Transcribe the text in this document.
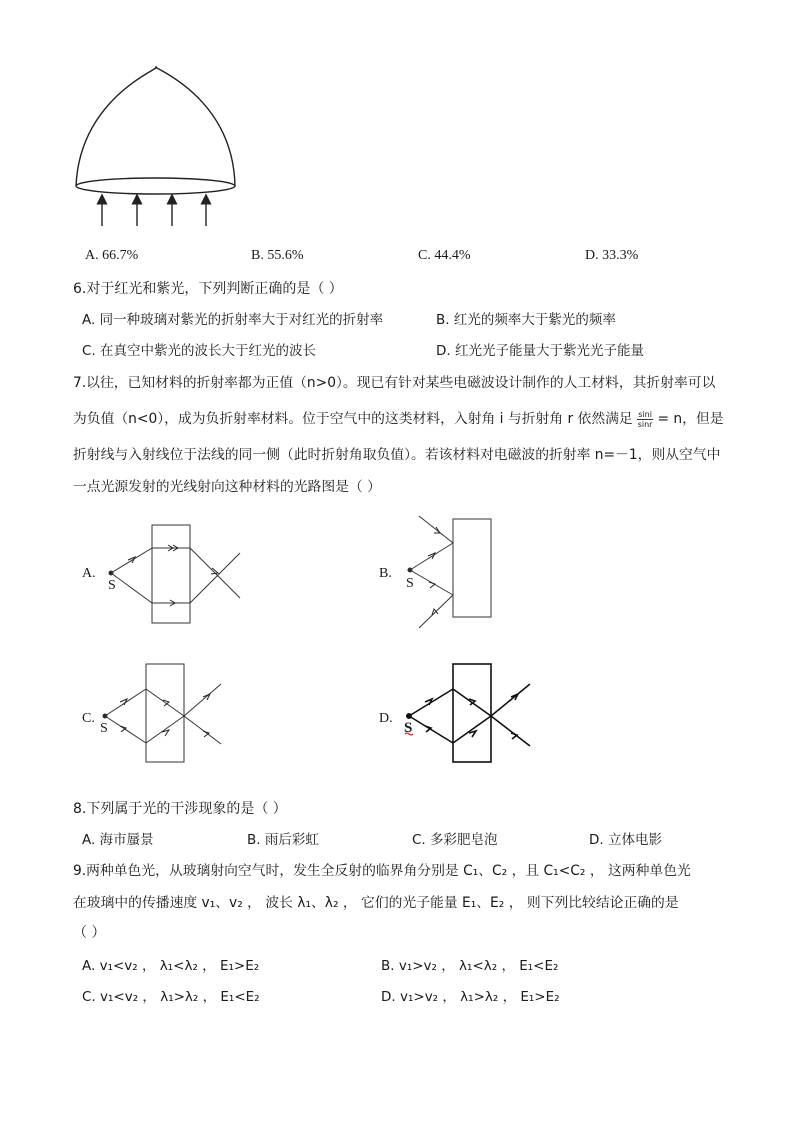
A. 66.7%	B. 55.6%	C. 44.4%	D. 33.3%
6.对于红光和紫光，下列判断正确的是（ ）
A. 同一种玻璃对紫光的折射率大于对红光的折射率	B. 红光的频率大于紫光的频率
C. 在真空中紫光的波长大于红光的波长	D. 红光光子能量大于紫光光子能量
7.以往，已知材料的折射率都为正值（n>0）。现已有针对某些电磁波设计制作的人工材料，其折射率可以
为负值（n<0），成为负折射率材料。位于空气中的这类材料，入射角 i 与折射角 r 依然满足 $\frac{\sin i}{\sin r} = n$，但是
折射线与入射线位于法线的同一侧（此时折射角取负值）。若该材料对电磁波的折射率 n=－1，则从空气中
一点光源发射的光线射向这种材料的光路图是（ ）
A.
S
B.
S
C.
S
D.
S
8.下列属于光的干涉现象的是（ ）
A. 海市蜃景	B. 雨后彩虹	C. 多彩肥皂泡	D. 立体电影
9.两种单色光，从玻璃射向空气时，发生全反射的临界角分别是 C₁、C₂ ，且 C₁<C₂ ， 这两种单色光
在玻璃中的传播速度 v₁、v₂ ， 波长 λ₁、λ₂ ， 它们的光子能量 E₁、E₂ ， 则下列比较结论正确的是
（ ）
A. v₁<v₂ ， λ₁<λ₂ ， E₁>E₂	B. v₁>v₂ ， λ₁<λ₂ ， E₁<E₂
C. v₁<v₂ ， λ₁>λ₂ ， E₁<E₂	D. v₁>v₂ ， λ₁>λ₂ ， E₁>E₂
